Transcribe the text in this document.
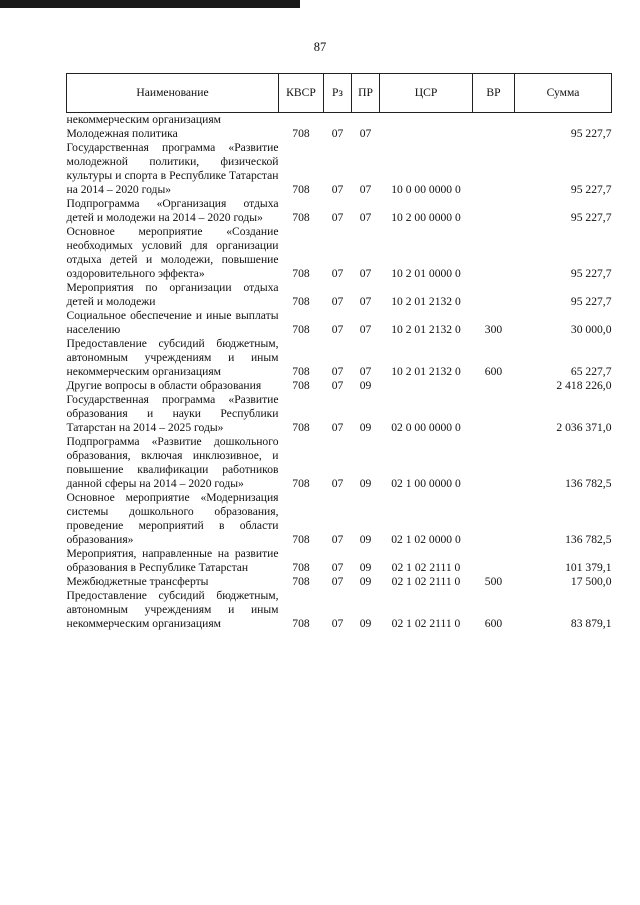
87
Наименование	КВСР	Рз	ПР	ЦСР	ВР	Сумма
некоммерческим организациям						
Молодежная политика	708	07	07			95 227,7
Государственная программа «Развитие молодежной политики, физической культуры и спорта в Республике Татарстан на 2014 – 2020 годы»	708	07	07	10 0 00 0000 0		95 227,7
Подпрограмма «Организация отдыха детей и молодежи на 2014 – 2020 годы»	708	07	07	10 2 00 0000 0		95 227,7
Основное мероприятие «Создание необходимых условий для организации отдыха детей и молодежи, повышение оздоровительного эффекта»	708	07	07	10 2 01 0000 0		95 227,7
Мероприятия по организации отдыха детей и молодежи	708	07	07	10 2 01 2132 0		95 227,7
Социальное обеспечение и иные выплаты населению	708	07	07	10 2 01 2132 0	300	30 000,0
Предоставление субсидий бюджетным, автономным учреждениям и иным некоммерческим организациям	708	07	07	10 2 01 2132 0	600	65 227,7
Другие вопросы в области образования	708	07	09			2 418 226,0
Государственная программа «Развитие образования и науки Республики Татарстан на 2014 – 2025 годы»	708	07	09	02 0 00 0000 0		2 036 371,0
Подпрограмма «Развитие дошкольного образования, включая инклюзивное, и повышение квалификации работников данной сферы на 2014 – 2020 годы»	708	07	09	02 1 00 0000 0		136 782,5
Основное мероприятие «Модернизация системы дошкольного образования, проведение мероприятий в области образования»	708	07	09	02 1 02 0000 0		136 782,5
Мероприятия, направленные на развитие образования в Республике Татарстан	708	07	09	02 1 02 2111 0		101 379,1
Межбюджетные трансферты	708	07	09	02 1 02 2111 0	500	17 500,0
Предоставление субсидий бюджетным, автономным учреждениям и иным некоммерческим организациям	708	07	09	02 1 02 2111 0	600	83 879,1
